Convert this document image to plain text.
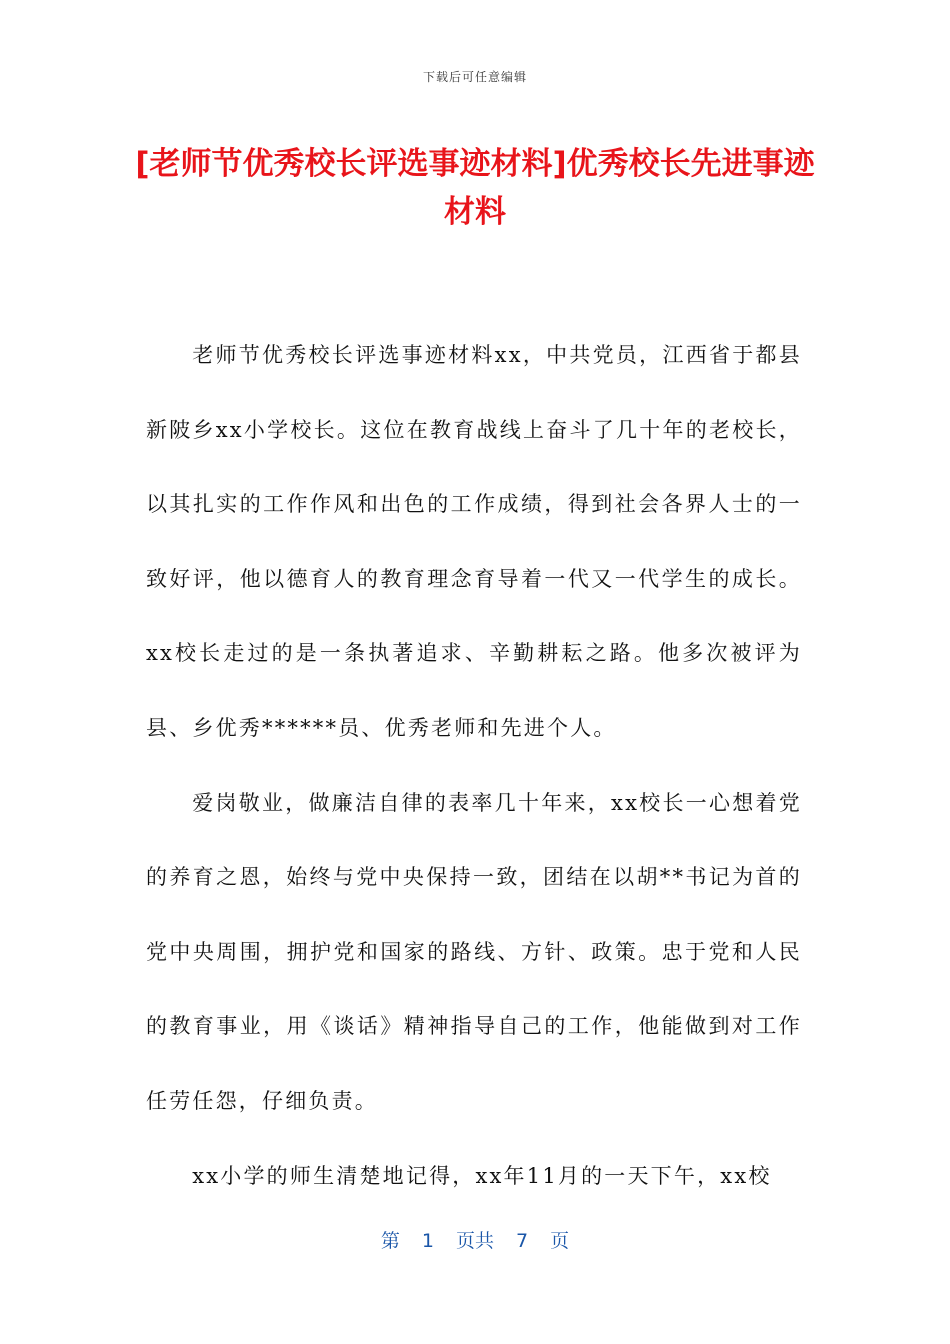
下载后可任意编辑
[老师节优秀校长评选事迹材料]优秀校长先进事迹材料

老师节优秀校长评选事迹材料xx，中共党员，江西省于都县新陂乡xx小学校长。这位在教育战线上奋斗了几十年的老校长，以其扎实的工作作风和出色的工作成绩，得到社会各界人士的一致好评，他以德育人的教育理念育导着一代又一代学生的成长。xx校长走过的是一条执著追求、辛勤耕耘之路。他多次被评为县、乡优秀******员、优秀老师和先进个人。

爱岗敬业，做廉洁自律的表率几十年来，xx校长一心想着党的养育之恩，始终与党中央保持一致，团结在以胡**书记为首的党中央周围，拥护党和国家的路线、方针、政策。忠于党和人民的教育事业，用《谈话》精神指导自己的工作，他能做到对工作任劳任怨，仔细负责。

xx小学的师生清楚地记得，xx年11月的一天下午，xx校

第 1 页共 7 页
